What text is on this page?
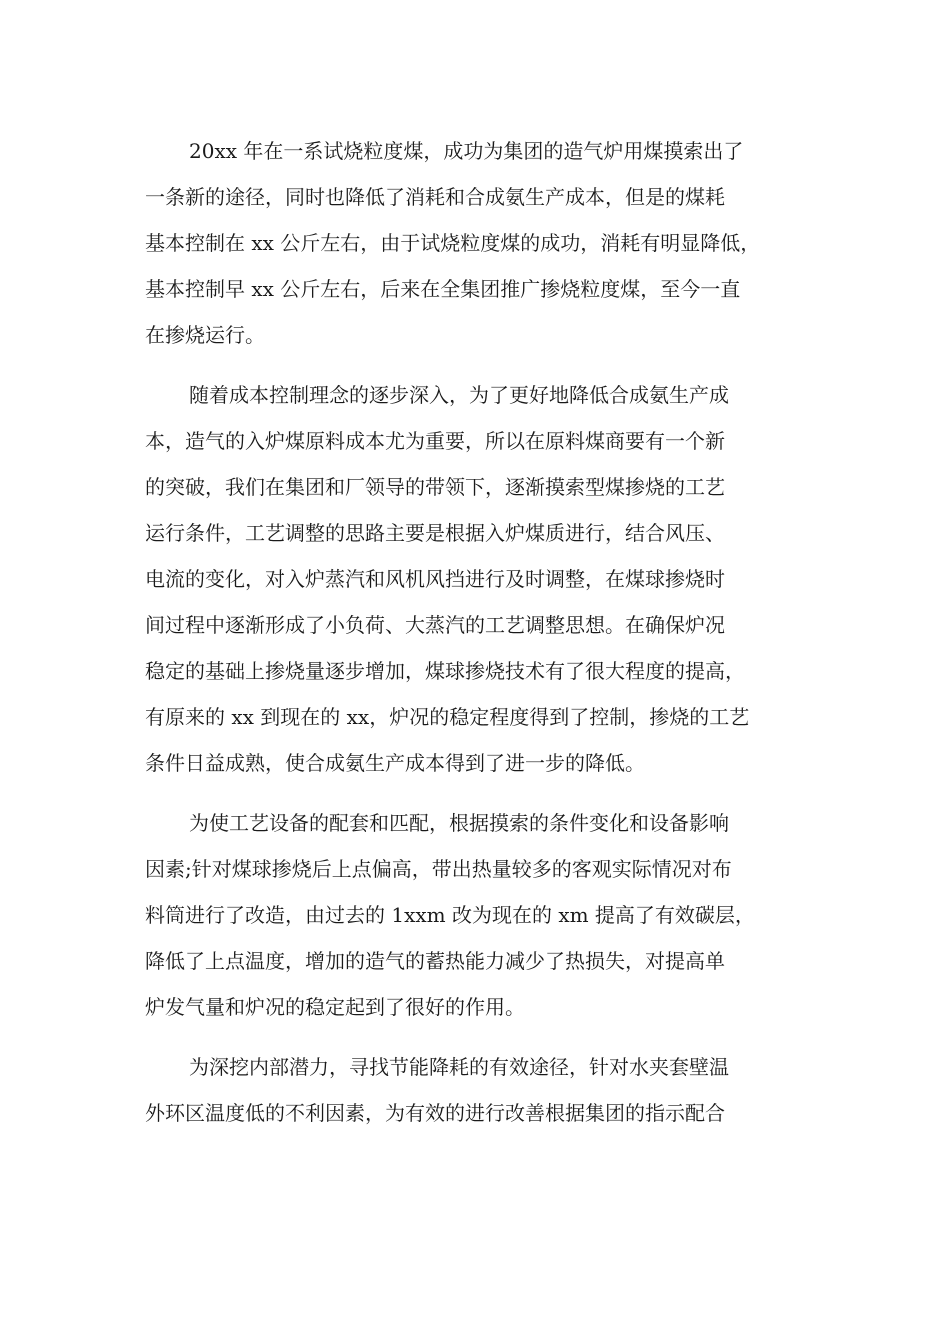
20xx 年在一系试烧粒度煤，成功为集团的造气炉用煤摸索出了
一条新的途径，同时也降低了消耗和合成氨生产成本，但是的煤耗
基本控制在 xx 公斤左右，由于试烧粒度煤的成功，消耗有明显降低，
基本控制早 xx 公斤左右，后来在全集团推广掺烧粒度煤，至今一直
在掺烧运行。
随着成本控制理念的逐步深入，为了更好地降低合成氨生产成
本，造气的入炉煤原料成本尤为重要，所以在原料煤商要有一个新
的突破，我们在集团和厂领导的带领下，逐渐摸索型煤掺烧的工艺
运行条件，工艺调整的思路主要是根据入炉煤质进行，结合风压、
电流的变化，对入炉蒸汽和风机风挡进行及时调整，在煤球掺烧时
间过程中逐渐形成了小负荷、大蒸汽的工艺调整思想。在确保炉况
稳定的基础上掺烧量逐步增加，煤球掺烧技术有了很大程度的提高，
有原来的 xx 到现在的 xx，炉况的稳定程度得到了控制，掺烧的工艺
条件日益成熟，使合成氨生产成本得到了进一步的降低。
为使工艺设备的配套和匹配，根据摸索的条件变化和设备影响
因素;针对煤球掺烧后上点偏高，带出热量较多的客观实际情况对布
料筒进行了改造，由过去的 1xxm 改为现在的 xm 提高了有效碳层，
降低了上点温度，增加的造气的蓄热能力减少了热损失，对提高单
炉发气量和炉况的稳定起到了很好的作用。
为深挖内部潜力，寻找节能降耗的有效途径，针对水夹套壁温
外环区温度低的不利因素，为有效的进行改善根据集团的指示配合
